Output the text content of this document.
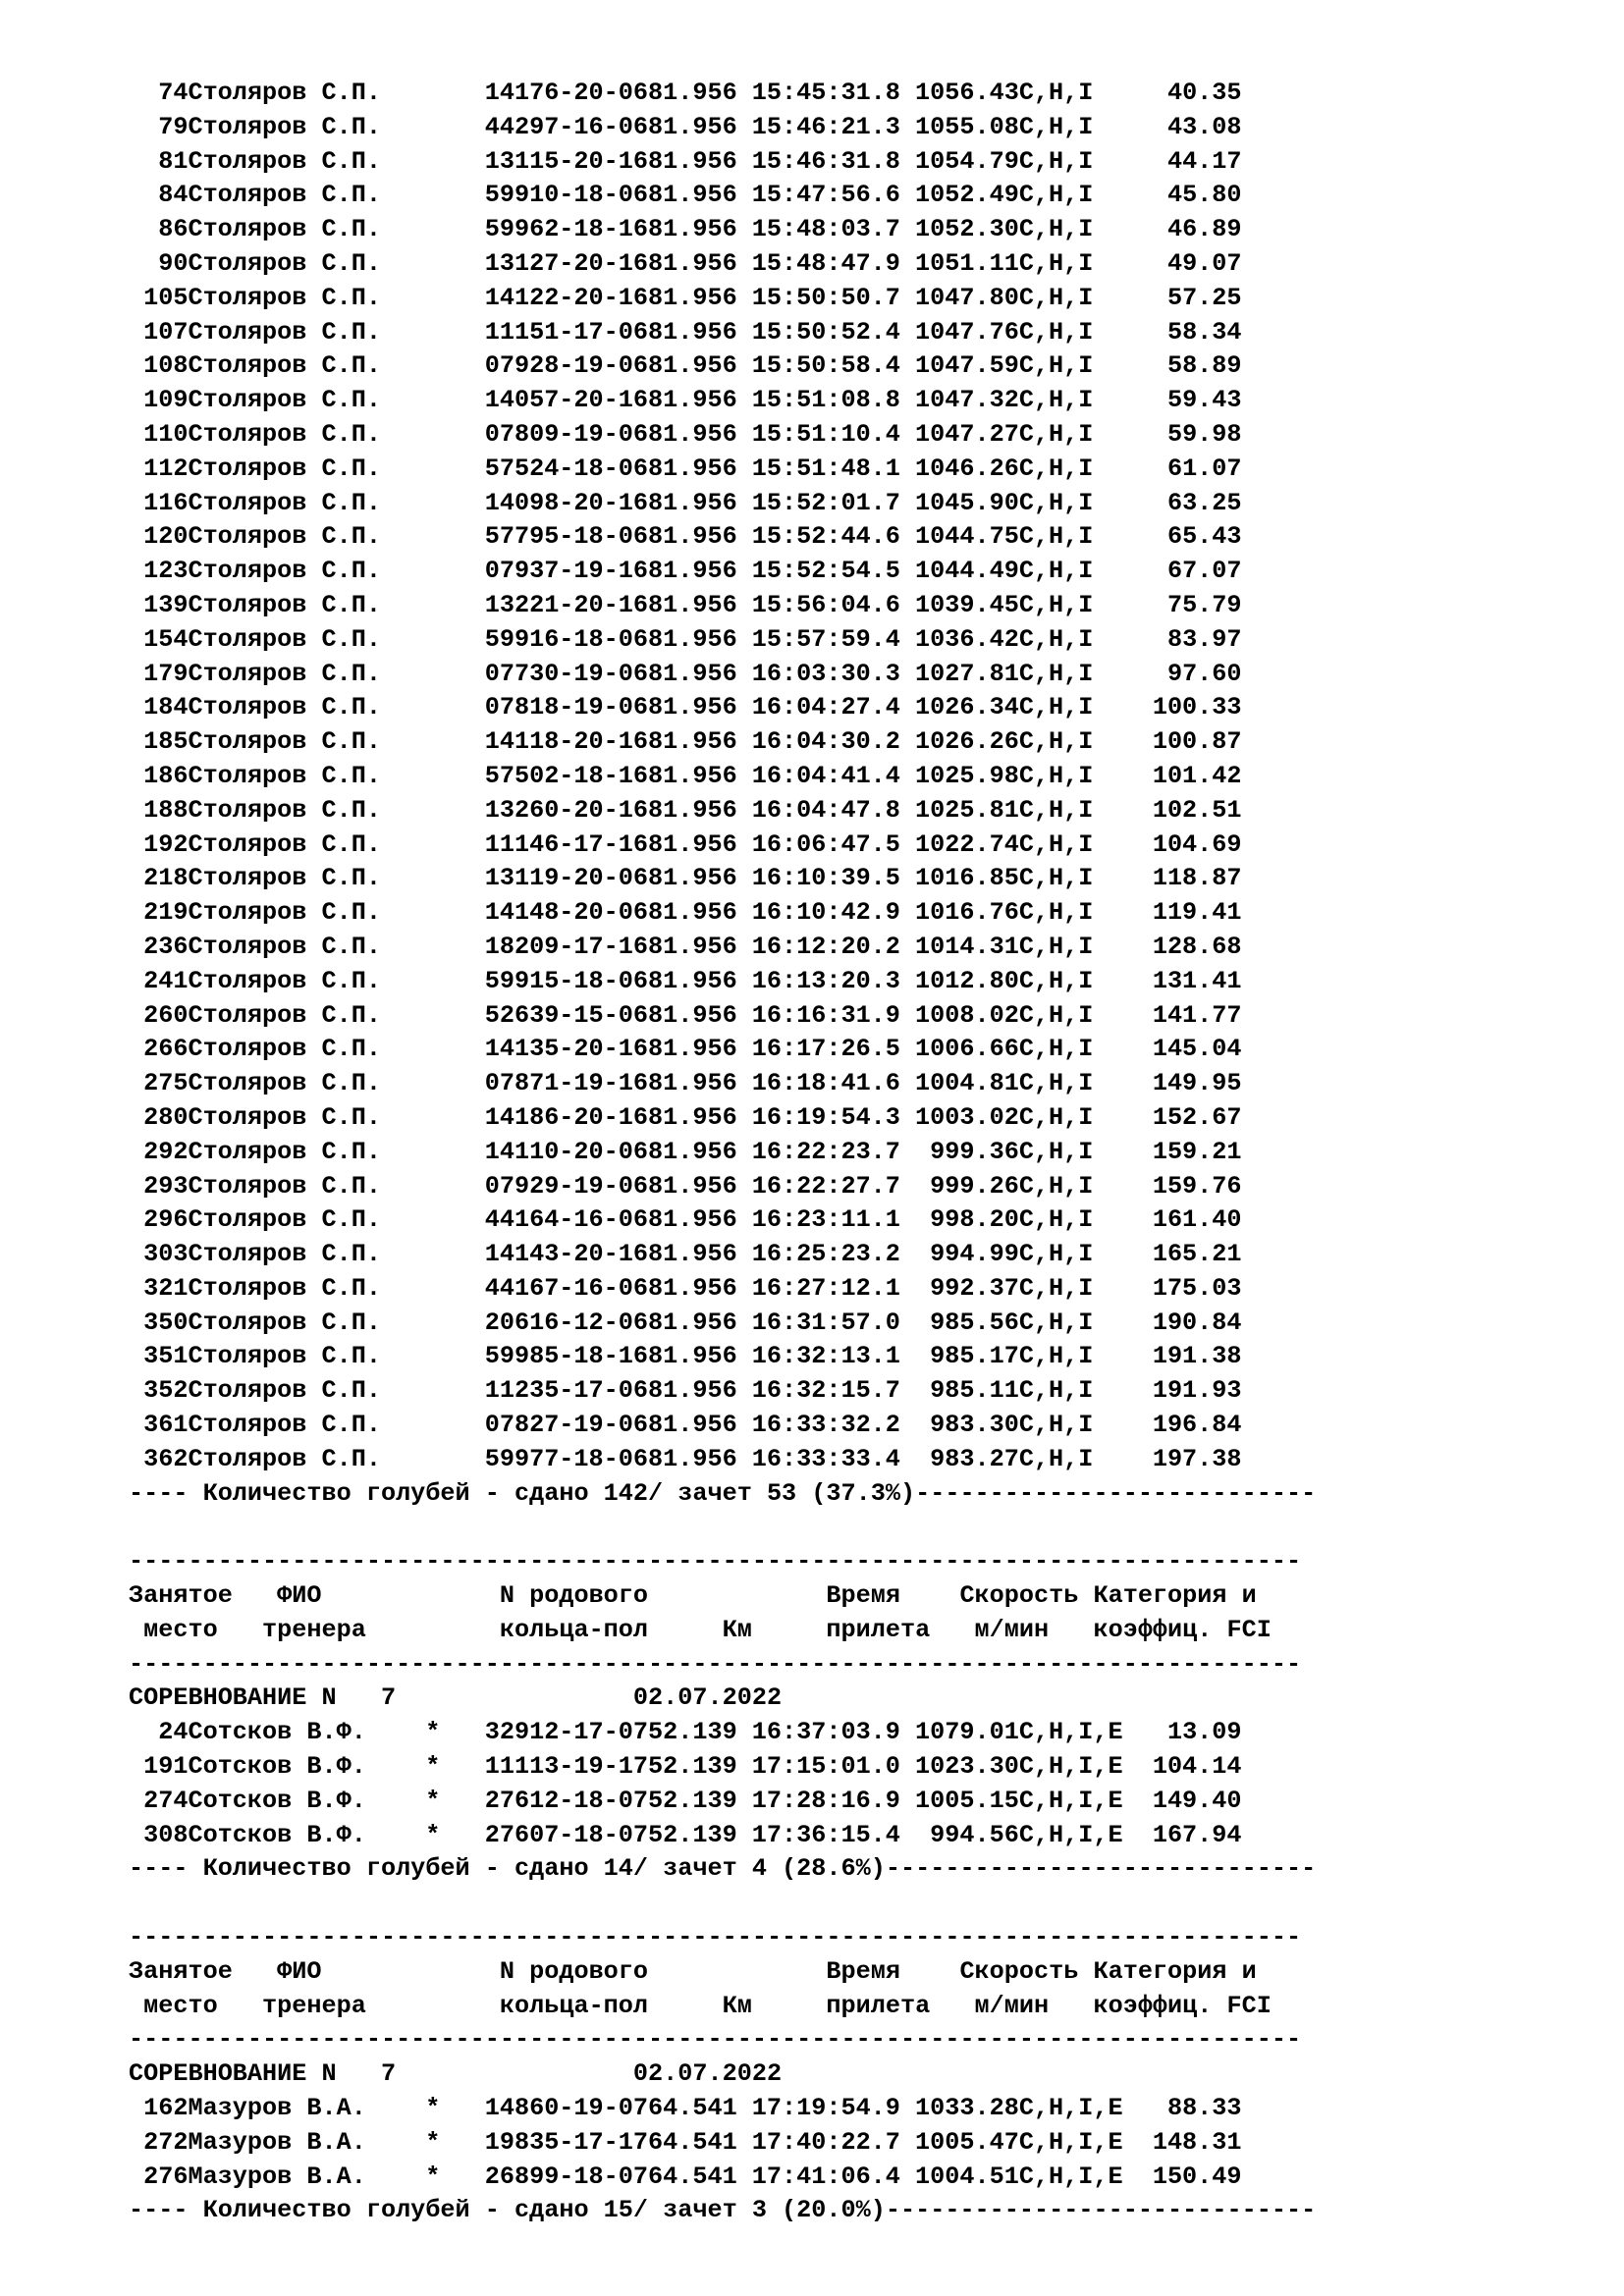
74Столяров С.П.	14176-20-0681.956 15:45:31.8 1056.43C,H,I	40.35
79Столяров С.П.	44297-16-0681.956 15:46:21.3 1055.08C,H,I	43.08
81Столяров С.П.	13115-20-1681.956 15:46:31.8 1054.79C,H,I	44.17
84Столяров С.П.	59910-18-0681.956 15:47:56.6 1052.49C,H,I	45.80
86Столяров С.П.	59962-18-1681.956 15:48:03.7 1052.30C,H,I	46.89
90Столяров С.П.	13127-20-1681.956 15:48:47.9 1051.11C,H,I	49.07
105Столяров С.П.	14122-20-1681.956 15:50:50.7 1047.80C,H,I	57.25
107Столяров С.П.	11151-17-0681.956 15:50:52.4 1047.76C,H,I	58.34
108Столяров С.П.	07928-19-0681.956 15:50:58.4 1047.59C,H,I	58.89
109Столяров С.П.	14057-20-1681.956 15:51:08.8 1047.32C,H,I	59.43
110Столяров С.П.	07809-19-0681.956 15:51:10.4 1047.27C,H,I	59.98
112Столяров С.П.	57524-18-0681.956 15:51:48.1 1046.26C,H,I	61.07
116Столяров С.П.	14098-20-1681.956 15:52:01.7 1045.90C,H,I	63.25
120Столяров С.П.	57795-18-0681.956 15:52:44.6 1044.75C,H,I	65.43
123Столяров С.П.	07937-19-1681.956 15:52:54.5 1044.49C,H,I	67.07
139Столяров С.П.	13221-20-1681.956 15:56:04.6 1039.45C,H,I	75.79
154Столяров С.П.	59916-18-0681.956 15:57:59.4 1036.42C,H,I	83.97
179Столяров С.П.	07730-19-0681.956 16:03:30.3 1027.81C,H,I	97.60
184Столяров С.П.	07818-19-0681.956 16:04:27.4 1026.34C,H,I 100.33
185Столяров С.П.	14118-20-1681.956 16:04:30.2 1026.26C,H,I 100.87
186Столяров С.П.	57502-18-1681.956 16:04:41.4 1025.98C,H,I 101.42
188Столяров С.П.	13260-20-1681.956 16:04:47.8 1025.81C,H,I 102.51
192Столяров С.П.	11146-17-1681.956 16:06:47.5 1022.74C,H,I 104.69
218Столяров С.П.	13119-20-0681.956 16:10:39.5 1016.85C,H,I 118.87
219Столяров С.П.	14148-20-0681.956 16:10:42.9 1016.76C,H,I 119.41
236Столяров С.П.	18209-17-1681.956 16:12:20.2 1014.31C,H,I 128.68
241Столяров С.П.	59915-18-0681.956 16:13:20.3 1012.80C,H,I 131.41
260Столяров С.П.	52639-15-0681.956 16:16:31.9 1008.02C,H,I 141.77
266Столяров С.П.	14135-20-1681.956 16:17:26.5 1006.66C,H,I 145.04
275Столяров С.П.	07871-19-1681.956 16:18:41.6 1004.81C,H,I 149.95
280Столяров С.П.	14186-20-1681.956 16:19:54.3 1003.02C,H,I 152.67
292Столяров С.П.	14110-20-0681.956 16:22:23.7 999.36C,H,I 159.21
293Столяров С.П.	07929-19-0681.956 16:22:27.7 999.26C,H,I 159.76
296Столяров С.П.	44164-16-0681.956 16:23:11.1 998.20C,H,I 161.40
303Столяров С.П.	14143-20-1681.956 16:25:23.2 994.99C,H,I 165.21
321Столяров С.П.	44167-16-0681.956 16:27:12.1 992.37C,H,I 175.03
350Столяров С.П.	20616-12-0681.956 16:31:57.0 985.56C,H,I 190.84
351Столяров С.П.	59985-18-1681.956 16:32:13.1 985.17C,H,I 191.38
352Столяров С.П.	11235-17-0681.956 16:32:15.7 985.11C,H,I 191.93
361Столяров С.П.	07827-19-0681.956 16:33:32.2 983.30C,H,I 196.84
362Столяров С.П.	59977-18-0681.956 16:33:33.4 983.27C,H,I 197.38
---- Количество голубей - сдано 142/ зачет 53 (37.3%)---------------------------
-------------------------------------------------------------------------------
Занятое   ФИО            N родового            Время    Скорость Категория и
место   тренера         кольца-пол     Км     прилета   м/мин   коэффиц. FCI
-------------------------------------------------------------------------------
СОРЕВНОВАНИЕ N   7	02.07.2022
24Сотсков В.Ф. * 32912-17-0752.139 16:37:03.9 1079.01C,H,I,E 13.09
191Сотсков В.Ф. * 11113-19-1752.139 17:15:01.0 1023.30C,H,I,E 104.14
274Сотсков В.Ф. * 27612-18-0752.139 17:28:16.9 1005.15C,H,I,E 149.40
308Сотсков В.Ф. * 27607-18-0752.139 17:36:15.4 994.56C,H,I,E 167.94
---- Количество голубей - сдано 14/ зачет 4 (28.6%)-----------------------------
-------------------------------------------------------------------------------
Занятое   ФИО            N родового            Время    Скорость Категория и
место   тренера         кольца-пол     Км     прилета   м/мин   коэффиц. FCI
-------------------------------------------------------------------------------
СОРЕВНОВАНИЕ N   7	02.07.2022
162Мазуров В.А. * 14860-19-0764.541 17:19:54.9 1033.28C,H,I,E 88.33
272Мазуров В.А. * 19835-17-1764.541 17:40:22.7 1005.47C,H,I,E 148.31
276Мазуров В.А. * 26899-18-0764.541 17:41:06.4 1004.51C,H,I,E 150.49
---- Количество голубей - сдано 15/ зачет 3 (20.0%)-----------------------------
